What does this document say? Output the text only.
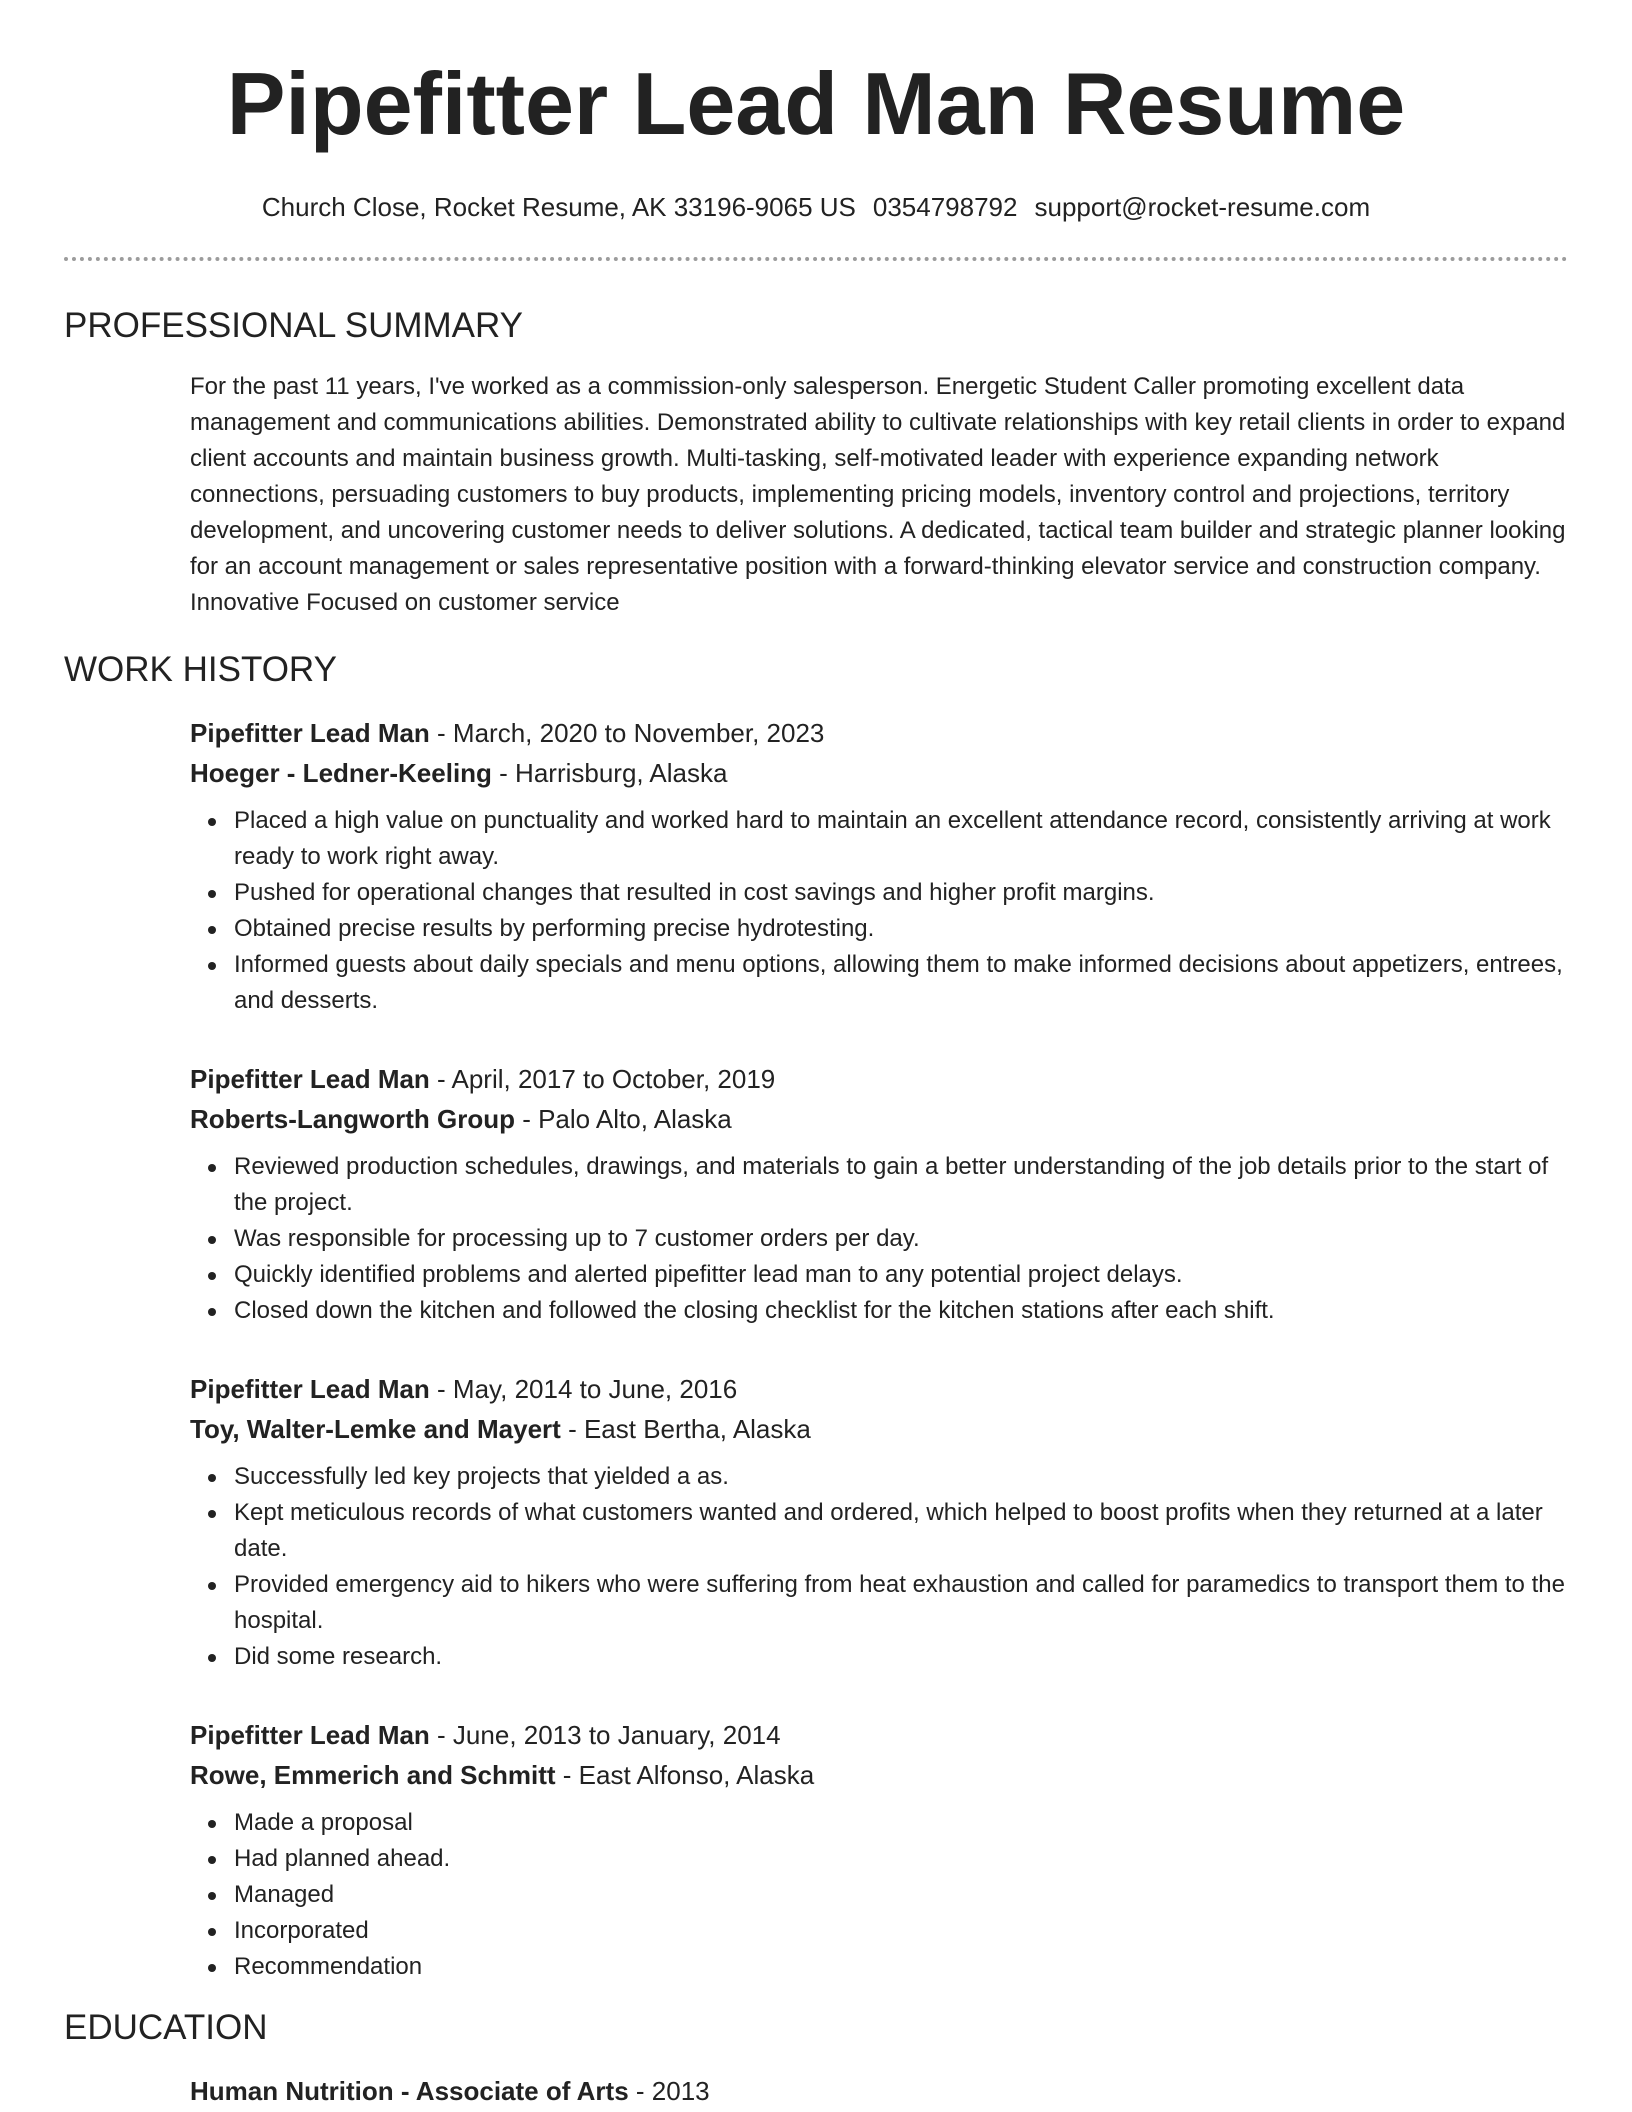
Pipefitter Lead Man Resume
Church Close, Rocket Resume, AK 33196-9065 US 0354798792 support@rocket-resume.com
PROFESSIONAL SUMMARY

For the past 11 years, I've worked as a commission-only salesperson. Energetic Student Caller promoting excellent data management and communications abilities. Demonstrated ability to cultivate relationships with key retail clients in order to expand client accounts and maintain business growth. Multi-tasking, self-motivated leader with experience expanding network connections, persuading customers to buy products, implementing pricing models, inventory control and projections, territory development, and uncovering customer needs to deliver solutions. A dedicated, tactical team builder and strategic planner looking for an account management or sales representative position with a forward-thinking elevator service and construction company. Innovative Focused on customer service

WORK HISTORY
Pipefitter Lead Man - March, 2020 to November, 2023
Hoeger - Ledner-Keeling - Harrisburg, Alaska
Placed a high value on punctuality and worked hard to maintain an excellent attendance record, consistently arriving at work ready to work right away.
Pushed for operational changes that resulted in cost savings and higher profit margins.
Obtained precise results by performing precise hydrotesting.
Informed guests about daily specials and menu options, allowing them to make informed decisions about appetizers, entrees, and desserts.
Pipefitter Lead Man - April, 2017 to October, 2019
Roberts-Langworth Group - Palo Alto, Alaska
Reviewed production schedules, drawings, and materials to gain a better understanding of the job details prior to the start of the project.
Was responsible for processing up to 7 customer orders per day.
Quickly identified problems and alerted pipefitter lead man to any potential project delays.
Closed down the kitchen and followed the closing checklist for the kitchen stations after each shift.
Pipefitter Lead Man - May, 2014 to June, 2016
Toy, Walter-Lemke and Mayert - East Bertha, Alaska
Successfully led key projects that yielded a as.
Kept meticulous records of what customers wanted and ordered, which helped to boost profits when they returned at a later date.
Provided emergency aid to hikers who were suffering from heat exhaustion and called for paramedics to transport them to the hospital.
Did some research.
Pipefitter Lead Man - June, 2013 to January, 2014
Rowe, Emmerich and Schmitt - East Alfonso, Alaska
Made a proposal
Had planned ahead.
Managed
Incorporated
Recommendation
EDUCATION
Human Nutrition - Associate of Arts - 2013
